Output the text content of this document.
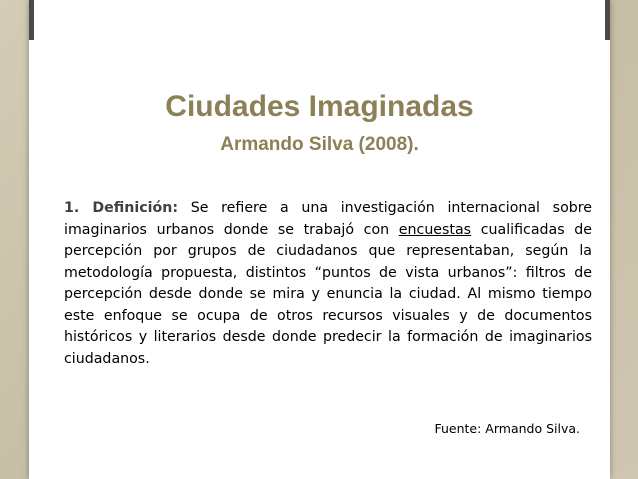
Ciudades Imaginadas
Armando Silva (2008).

1. Definición: Se refiere a una investigación internacional sobre imaginarios urbanos donde se trabajó con encuestas cualificadas de percepción por grupos de ciudadanos que representaban, según la metodología propuesta, distintos “puntos de vista urbanos”: filtros de percepción desde donde se mira y enuncia la ciudad. Al mismo tiempo este enfoque se ocupa de otros recursos visuales y de documentos históricos y literarios desde donde predecir la formación de imaginarios ciudadanos.

Fuente: Armando Silva.
